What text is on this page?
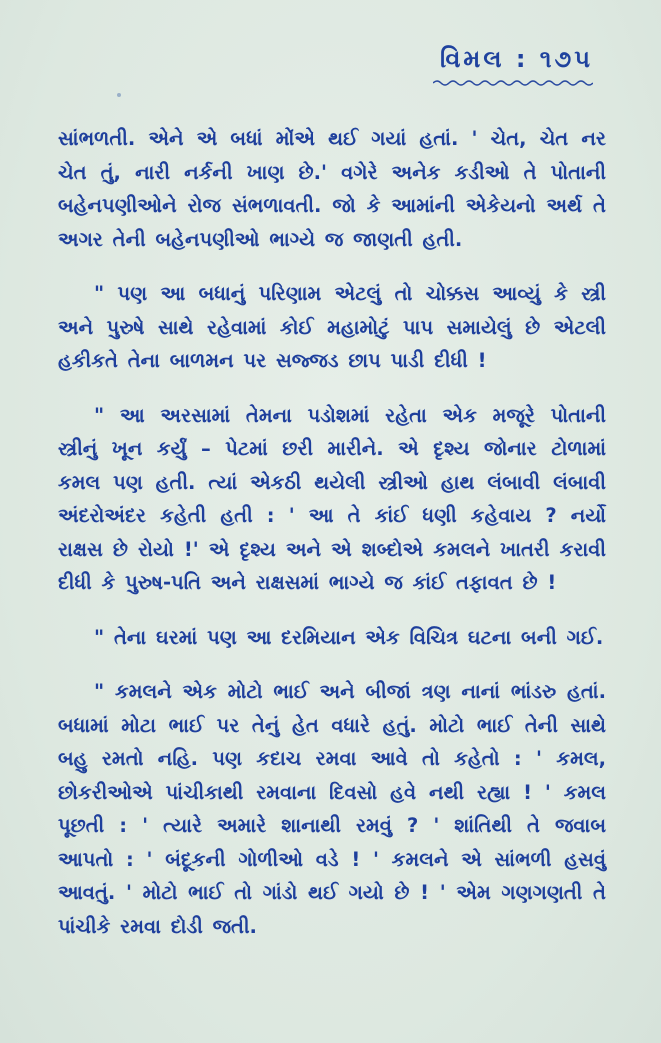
વિમલ : ૧૭૫

સાંભળતી. એને એ બધાં મોંએ થઈ ગયાં હતાં. ' ચેત, ચેત નર ચેત તું, નારી નર્કની ખાણ છે.' વગેરે અનેક કડીઓ તે પોતાની બહેનપણીઓને રોજ સંભળાવતી. જો કે આમાંની એકેયનો અર્થ તે અગર તેની બહેનપણીઓ ભાગ્યે જ જાણતી હતી.

" પણ આ બધાનું પરિણામ એટલું તો ચોક્કસ આવ્યું કે સ્ત્રી અને પુરુષે સાથે રહેવામાં કોઈ મહામોટું પાપ સમાયેલું છે એટલી હકીકતે તેના બાળમન પર સજ્જડ છાપ પાડી દીધી !

" આ અરસામાં તેમના પડોશમાં રહેતા એક મજૂરે પોતાની સ્ત્રીનું ખૂન કર્યું – પેટમાં છરી મારીને. એ દૃશ્ય જોનાર ટોળામાં કમલ પણ હતી. ત્યાં એકઠી થયેલી સ્ત્રીઓ હાથ લંબાવી લંબાવી અંદરોઅંદર કહેતી હતી : ' આ તે કાંઈ ધણી કહેવાય ? નર્યો રાક્ષસ છે રોયો !' એ દૃશ્ય અને એ શબ્દોએ કમલને ખાતરી કરાવી દીધી કે પુરુષ-પતિ અને રાક્ષસમાં ભાગ્યે જ કાંઈ તફાવત છે !

" તેના ઘરમાં પણ આ દરમિયાન એક વિચિત્ર ઘટના બની ગઈ.

" કમલને એક મોટો ભાઈ અને બીજાં ત્રણ નાનાં ભાંડરુ હતાં. બધામાં મોટા ભાઈ પર તેનું હેત વધારે હતું. મોટો ભાઈ તેની સાથે બહુ રમતો નહિ. પણ કદાચ રમવા આવે તો કહેતો : ' કમલ, છોકરીઓએ પાંચીકાથી રમવાના દિવસો હવે નથી રહ્યા ! ' કમલ પૂછતી : ' ત્યારે અમારે શાનાથી રમવું ? ' શાંતિથી તે જવાબ આપતો : ' બંદૂકની ગોળીઓ વડે ! ' કમલને એ સાંભળી હસવું આવતું. ' મોટો ભાઈ તો ગાંડો થઈ ગયો છે ! ' એમ ગણગણતી તે પાંચીકે રમવા દોડી જતી.
